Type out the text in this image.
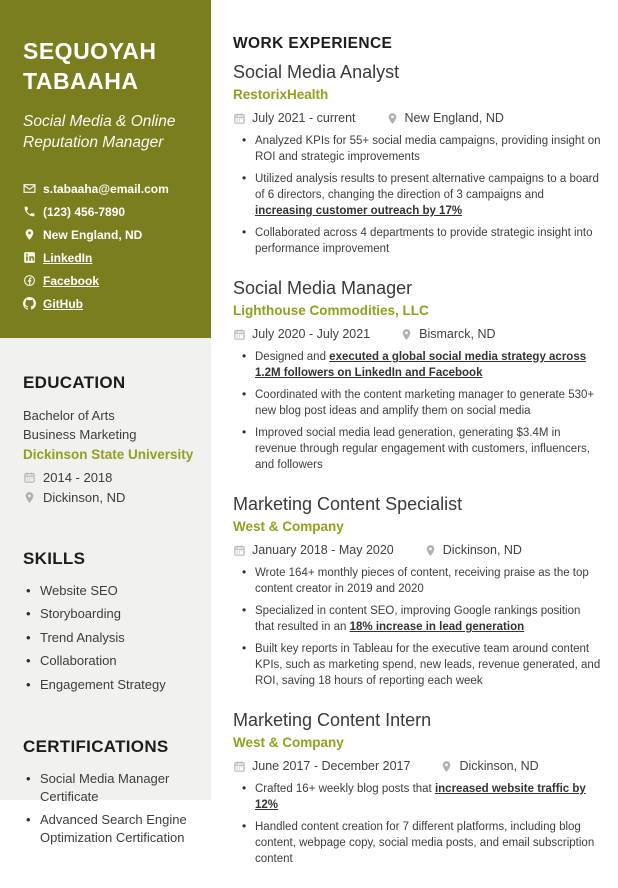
SEQUOYAH TABAAHA
Social Media & Online Reputation Manager
s.tabaaha@email.com
(123) 456-7890
New England, ND
LinkedIn
Facebook
GitHub
EDUCATION
Bachelor of Arts
Business Marketing
Dickinson State University
2014 - 2018
Dickinson, ND
SKILLS
• Website SEO
• Storyboarding
• Trend Analysis
• Collaboration
• Engagement Strategy
CERTIFICATIONS
• Social Media Manager Certificate
• Advanced Search Engine Optimization Certification
WORK EXPERIENCE
Social Media Analyst
RestorixHealth
July 2021 - current	New England, ND
• Analyzed KPIs for 55+ social media campaigns, providing insight on ROI and strategic improvements
• Utilized analysis results to present alternative campaigns to a board of 6 directors, changing the direction of 3 campaigns and increasing customer outreach by 17%
• Collaborated across 4 departments to provide strategic insight into performance improvement
Social Media Manager
Lighthouse Commodities, LLC
July 2020 - July 2021	Bismarck, ND
• Designed and executed a global social media strategy across 1.2M followers on LinkedIn and Facebook
• Coordinated with the content marketing manager to generate 530+ new blog post ideas and amplify them on social media
• Improved social media lead generation, generating $3.4M in revenue through regular engagement with customers, influencers, and followers
Marketing Content Specialist
West & Company
January 2018 - May 2020	Dickinson, ND
• Wrote 164+ monthly pieces of content, receiving praise as the top content creator in 2019 and 2020
• Specialized in content SEO, improving Google rankings position that resulted in an 18% increase in lead generation
• Built key reports in Tableau for the executive team around content KPIs, such as marketing spend, new leads, revenue generated, and ROI, saving 18 hours of reporting each week
Marketing Content Intern
West & Company
June 2017 - December 2017	Dickinson, ND
• Crafted 16+ weekly blog posts that increased website traffic by 12%
• Handled content creation for 7 different platforms, including blog content, webpage copy, social media posts, and email subscription content
